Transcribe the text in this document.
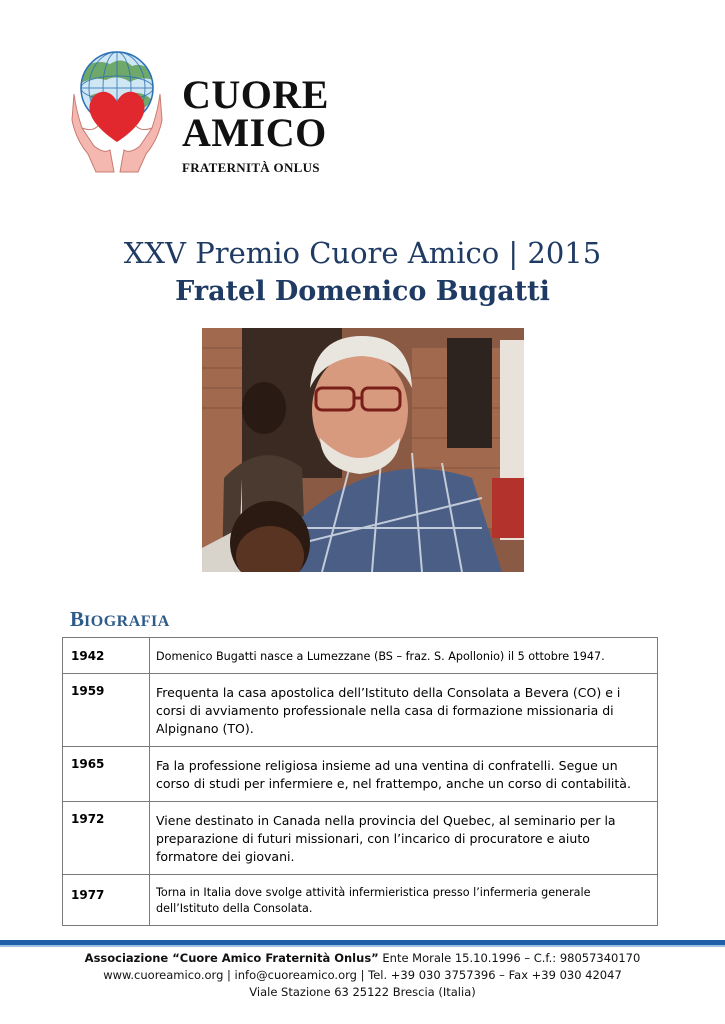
CUORE
AMICO
FRATERNITÀ ONLUS
XXV Premio Cuore Amico | 2015
Fratel Domenico Bugatti
BIOGRAFIA
1942	Domenico Bugatti nasce a Lumezzane (BS – fraz. S. Apollonio) il 5 ottobre 1947.
1959	Frequenta la casa apostolica dell’Istituto della Consolata a Bevera (CO) e i corsi di avviamento professionale nella casa di formazione missionaria di Alpignano (TO).
1965	Fa la professione religiosa insieme ad una ventina di confratelli. Segue un corso di studi per infermiere e, nel frattempo, anche un corso di contabilità.
1972	Viene destinato in Canada nella provincia del Quebec, al seminario per la preparazione di futuri missionari, con l’incarico di procuratore e aiuto formatore dei giovani.
1977	Torna in Italia dove svolge attività infermieristica presso l’infermeria generale dell’Istituto della Consolata.
Associazione “Cuore Amico Fraternità Onlus” Ente Morale 15.10.1996 – C.f.: 98057340170
www.cuoreamico.org | info@cuoreamico.org | Tel. +39 030 3757396 – Fax +39 030 42047
Viale Stazione 63 25122 Brescia (Italia)
